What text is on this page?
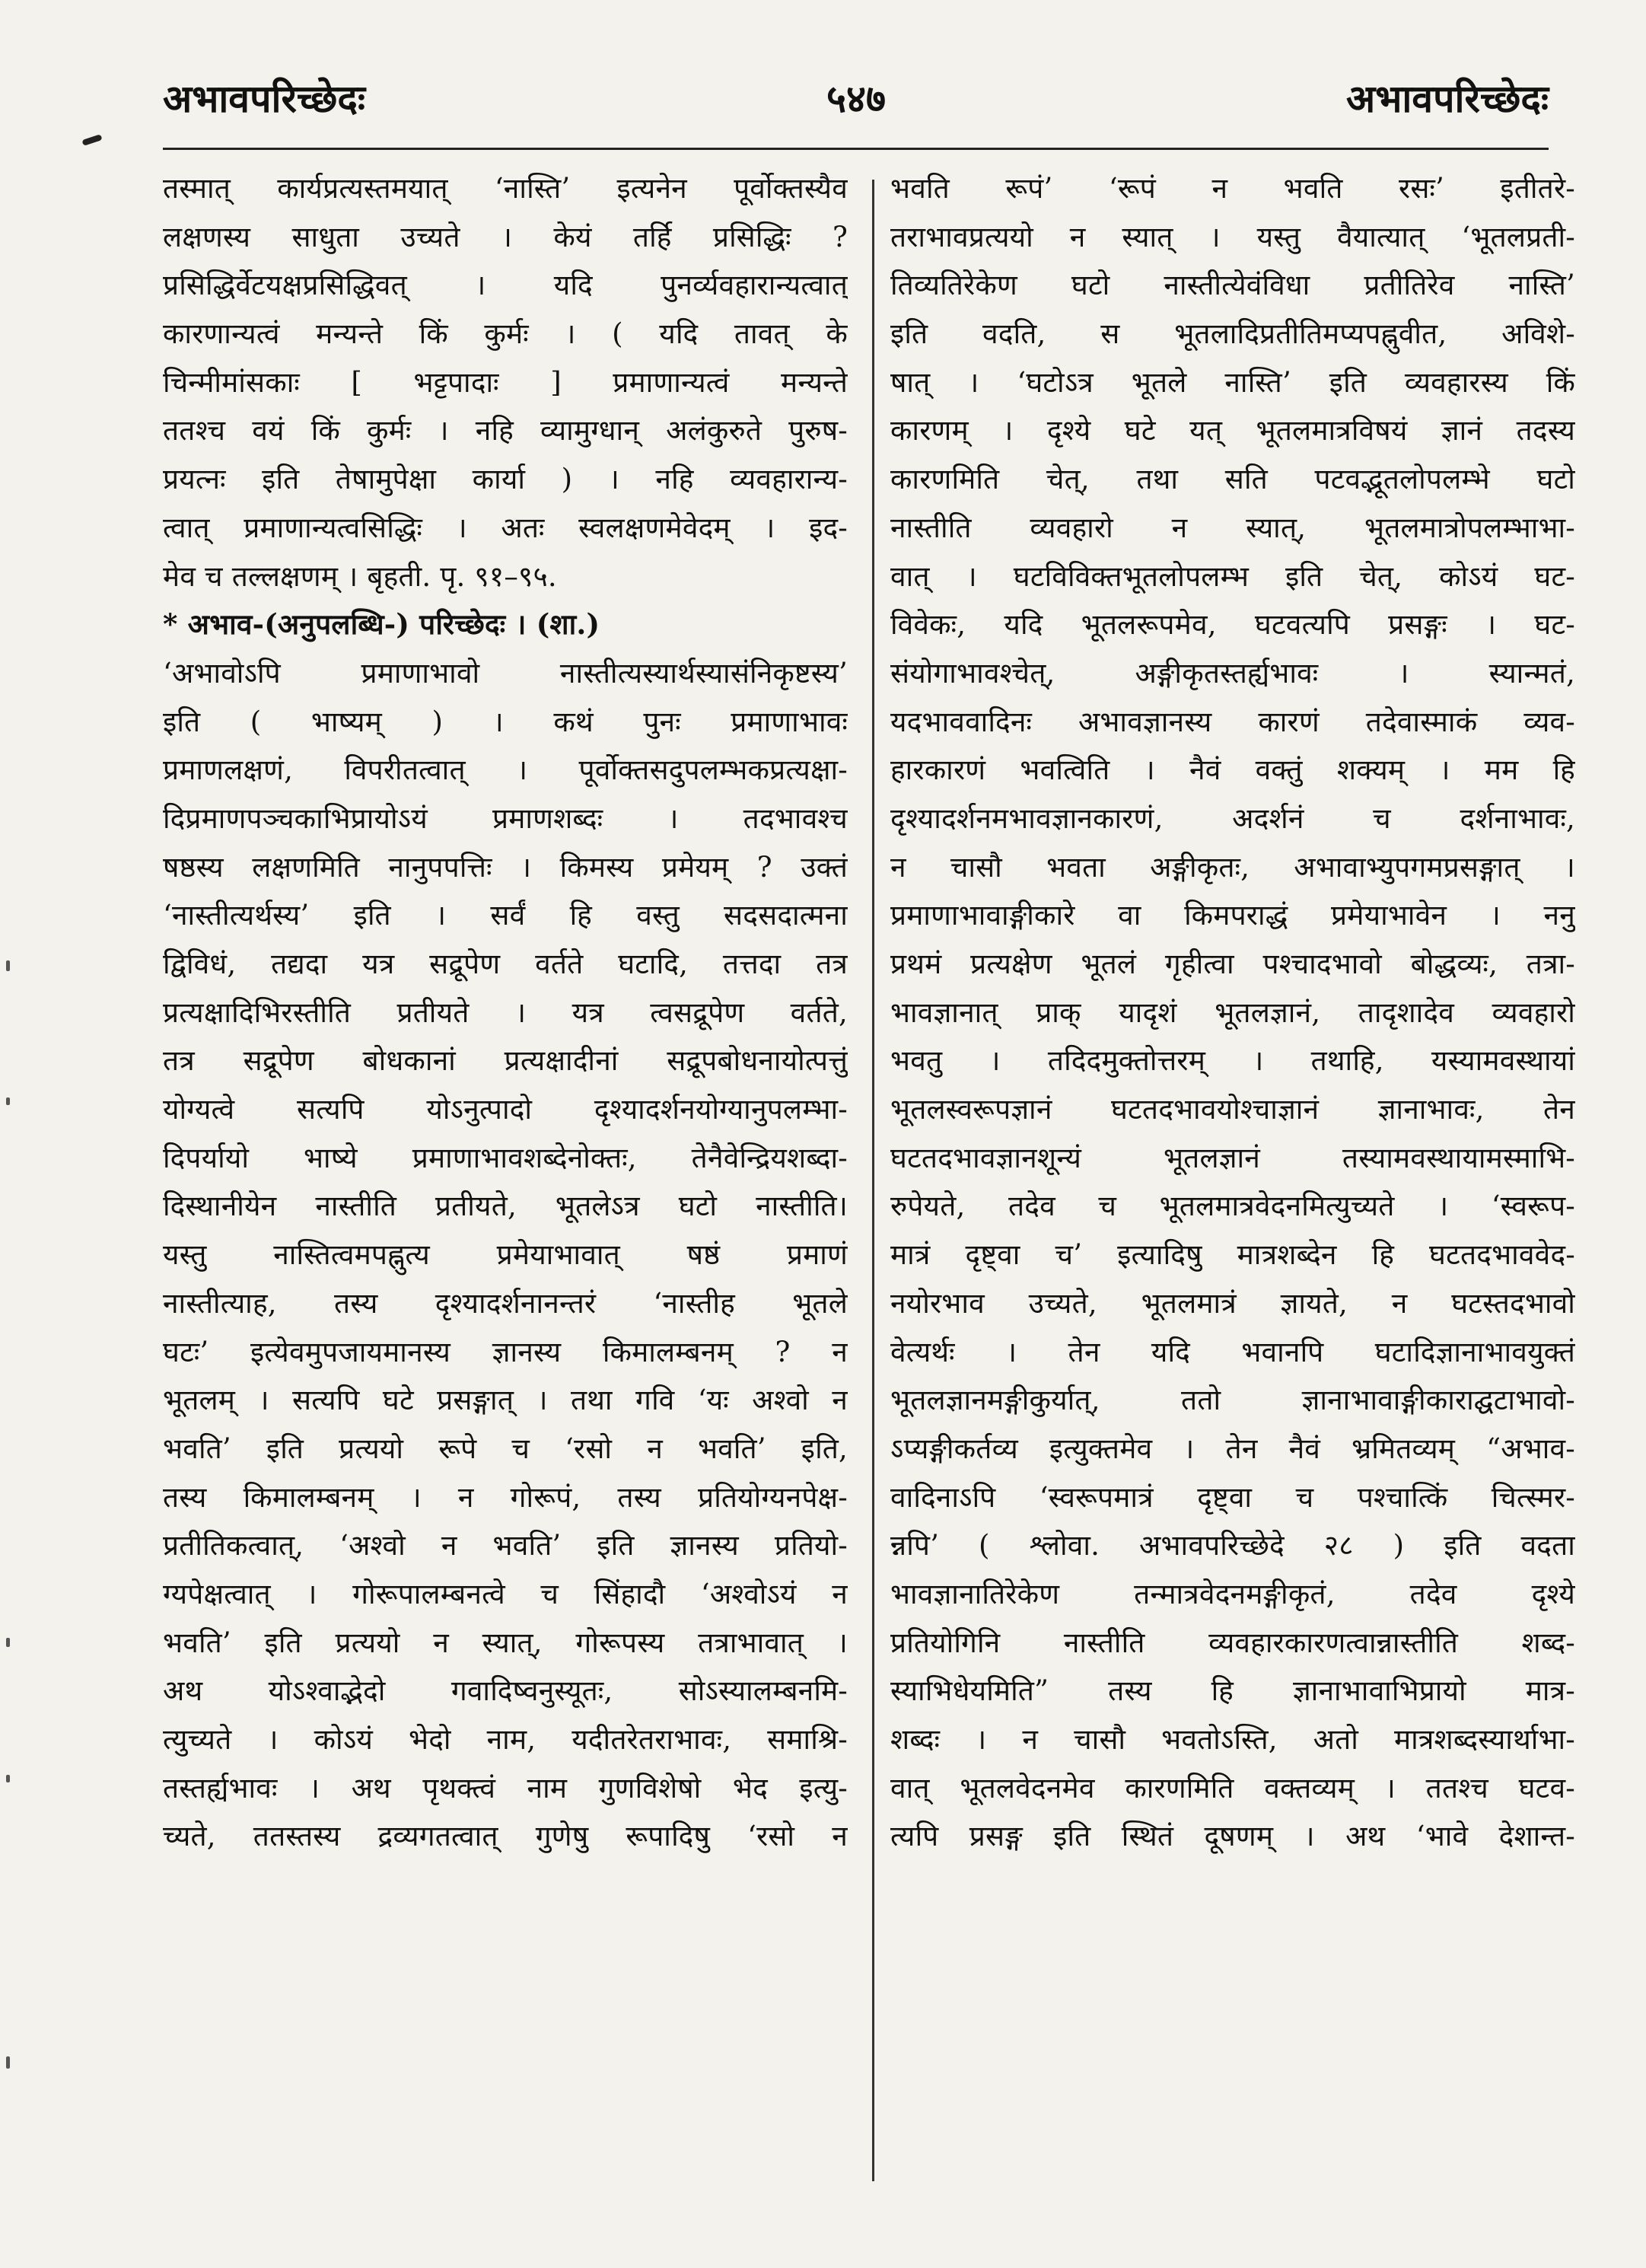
अभावपरिच्छेदः	५४७	अभावपरिच्छेदः
तस्मात् कार्यप्रत्यस्तमयात् ‘नास्ति’ इत्यनेन पूर्वोक्तस्यैव
लक्षणस्य साधुता उच्यते । केयं तर्हि प्रसिद्धिः ?
प्रसिद्धिर्वेटयक्षप्रसिद्धिवत् । यदि पुनर्व्यवहारान्यत्वात्
कारणान्यत्वं मन्यन्ते किं कुर्मः । ( यदि तावत् के
चिन्मीमांसकाः [ भट्टपादाः ] प्रमाणान्यत्वं मन्यन्ते
ततश्च वयं किं कुर्मः । नहि व्यामुग्धान् अलंकुरुते पुरुष-
प्रयत्नः इति तेषामुपेक्षा कार्या ) । नहि व्यवहारान्य-
त्वात् प्रमाणान्यत्वसिद्धिः । अतः स्वलक्षणमेवेदम् । इद-
मेव च तल्लक्षणम् । बृहती. पृ. ९१–९५.
* अभाव-(अनुपलब्धि-) परिच्छेदः । (शा.)
‘अभावोऽपि प्रमाणाभावो नास्तीत्यस्यार्थस्यासंनिकृष्टस्य’
इति ( भाष्यम् ) । कथं पुनः प्रमाणाभावः
प्रमाणलक्षणं, विपरीतत्वात् । पूर्वोक्तसदुपलम्भकप्रत्यक्षा-
दिप्रमाणपञ्चकाभिप्रायोऽयं प्रमाणशब्दः । तदभावश्च
षष्ठस्य लक्षणमिति नानुपपत्तिः । किमस्य प्रमेयम् ? उक्तं
‘नास्तीत्यर्थस्य’ इति । सर्वं हि वस्तु सदसदात्मना
द्विविधं, तद्यदा यत्र सद्रूपेण वर्तते घटादि, तत्तदा तत्र
प्रत्यक्षादिभिरस्तीति प्रतीयते । यत्र त्वसद्रूपेण वर्तते,
तत्र सद्रूपेण बोधकानां प्रत्यक्षादीनां सद्रूपबोधनायोत्पत्तुं
योग्यत्वे सत्यपि योऽनुत्पादो दृश्यादर्शनयोग्यानुपलम्भा-
दिपर्यायो भाष्ये प्रमाणाभावशब्देनोक्तः, तेनैवेन्द्रियशब्दा-
दिस्थानीयेन नास्तीति प्रतीयते, भूतलेऽत्र घटो नास्तीति।
यस्तु नास्तित्वमपह्नुत्य प्रमेयाभावात् षष्ठं प्रमाणं
नास्तीत्याह, तस्य दृश्यादर्शनानन्तरं ‘नास्तीह भूतले
घटः’ इत्येवमुपजायमानस्य ज्ञानस्य किमालम्बनम् ? न
भूतलम् । सत्यपि घटे प्रसङ्गात् । तथा गवि ‘यः अश्वो न
भवति’ इति प्रत्ययो रूपे च ‘रसो न भवति’ इति,
तस्य किमालम्बनम् । न गोरूपं, तस्य प्रतियोग्यनपेक्ष-
प्रतीतिकत्वात्, ‘अश्वो न भवति’ इति ज्ञानस्य प्रतियो-
ग्यपेक्षत्वात् । गोरूपालम्बनत्वे च सिंहादौ ‘अश्वोऽयं न
भवति’ इति प्रत्ययो न स्यात्, गोरूपस्य तत्राभावात् ।
अथ योऽश्वाद्भेदो गवादिष्वनुस्यूतः, सोऽस्यालम्बनमि-
त्युच्यते । कोऽयं भेदो नाम, यदीतरेतराभावः, समाश्रि-
तस्तर्ह्यभावः । अथ पृथक्त्वं नाम गुणविशेषो भेद इत्यु-
च्यते, ततस्तस्य द्रव्यगतत्वात् गुणेषु रूपादिषु ‘रसो न
भवति रूपं’ ‘रूपं न भवति रसः’ इतीतरे-
तराभावप्रत्ययो न स्यात् । यस्तु वैयात्यात् ‘भूतलप्रती-
तिव्यतिरेकेण घटो नास्तीत्येवंविधा प्रतीतिरेव नास्ति’
इति वदति, स भूतलादिप्रतीतिमप्यपह्नुवीत, अविशे-
षात् । ‘घटोऽत्र भूतले नास्ति’ इति व्यवहारस्य किं
कारणम् । दृश्ये घटे यत् भूतलमात्रविषयं ज्ञानं तदस्य
कारणमिति चेत्, तथा सति पटवद्भूतलोपलम्भे घटो
नास्तीति व्यवहारो न स्यात्, भूतलमात्रोपलम्भाभा-
वात् । घटविविक्तभूतलोपलम्भ इति चेत्, कोऽयं घट-
विवेकः, यदि भूतलरूपमेव, घटवत्यपि प्रसङ्गः । घट-
संयोगाभावश्चेत्, अङ्गीकृतस्तर्ह्यभावः । स्यान्मतं,
यदभाववादिनः अभावज्ञानस्य कारणं तदेवास्माकं व्यव-
हारकारणं भवत्विति । नैवं वक्तुं शक्यम् । मम हि
दृश्यादर्शनमभावज्ञानकारणं, अदर्शनं च दर्शनाभावः,
न चासौ भवता अङ्गीकृतः, अभावाभ्युपगमप्रसङ्गात् ।
प्रमाणाभावाङ्गीकारे वा किमपराद्धं प्रमेयाभावेन । ननु
प्रथमं प्रत्यक्षेण भूतलं गृहीत्वा पश्चादभावो बोद्धव्यः, तत्रा-
भावज्ञानात् प्राक् यादृशं भूतलज्ञानं, तादृशादेव व्यवहारो
भवतु । तदिदमुक्तोत्तरम् । तथाहि, यस्यामवस्थायां
भूतलस्वरूपज्ञानं घटतदभावयोश्चाज्ञानं ज्ञानाभावः, तेन
घटतदभावज्ञानशून्यं भूतलज्ञानं तस्यामवस्थायामस्माभि-
रुपेयते, तदेव च भूतलमात्रवेदनमित्युच्यते । ‘स्वरूप-
मात्रं दृष्ट्वा च’ इत्यादिषु मात्रशब्देन हि घटतदभाववेद-
नयोरभाव उच्यते, भूतलमात्रं ज्ञायते, न घटस्तदभावो
वेत्यर्थः । तेन यदि भवानपि घटादिज्ञानाभावयुक्तं
भूतलज्ञानमङ्गीकुर्यात्, ततो ज्ञानाभावाङ्गीकाराद्घटाभावो-
ऽप्यङ्गीकर्तव्य इत्युक्तमेव । तेन नैवं भ्रमितव्यम् “अभाव-
वादिनाऽपि ‘स्वरूपमात्रं दृष्ट्वा च पश्चात्किं चित्स्मर-
न्नपि’ ( श्लोवा. अभावपरिच्छेदे २८ ) इति वदता
भावज्ञानातिरेकेण तन्मात्रवेदनमङ्गीकृतं, तदेव दृश्ये
प्रतियोगिनि नास्तीति व्यवहारकारणत्वान्नास्तीति शब्द-
स्याभिधेयमिति” तस्य हि ज्ञानाभावाभिप्रायो मात्र-
शब्दः । न चासौ भवतोऽस्ति, अतो मात्रशब्दस्यार्थाभा-
वात् भूतलवेदनमेव कारणमिति वक्तव्यम् । ततश्च घटव-
त्यपि प्रसङ्ग इति स्थितं दूषणम् । अथ ‘भावे देशान्त-
